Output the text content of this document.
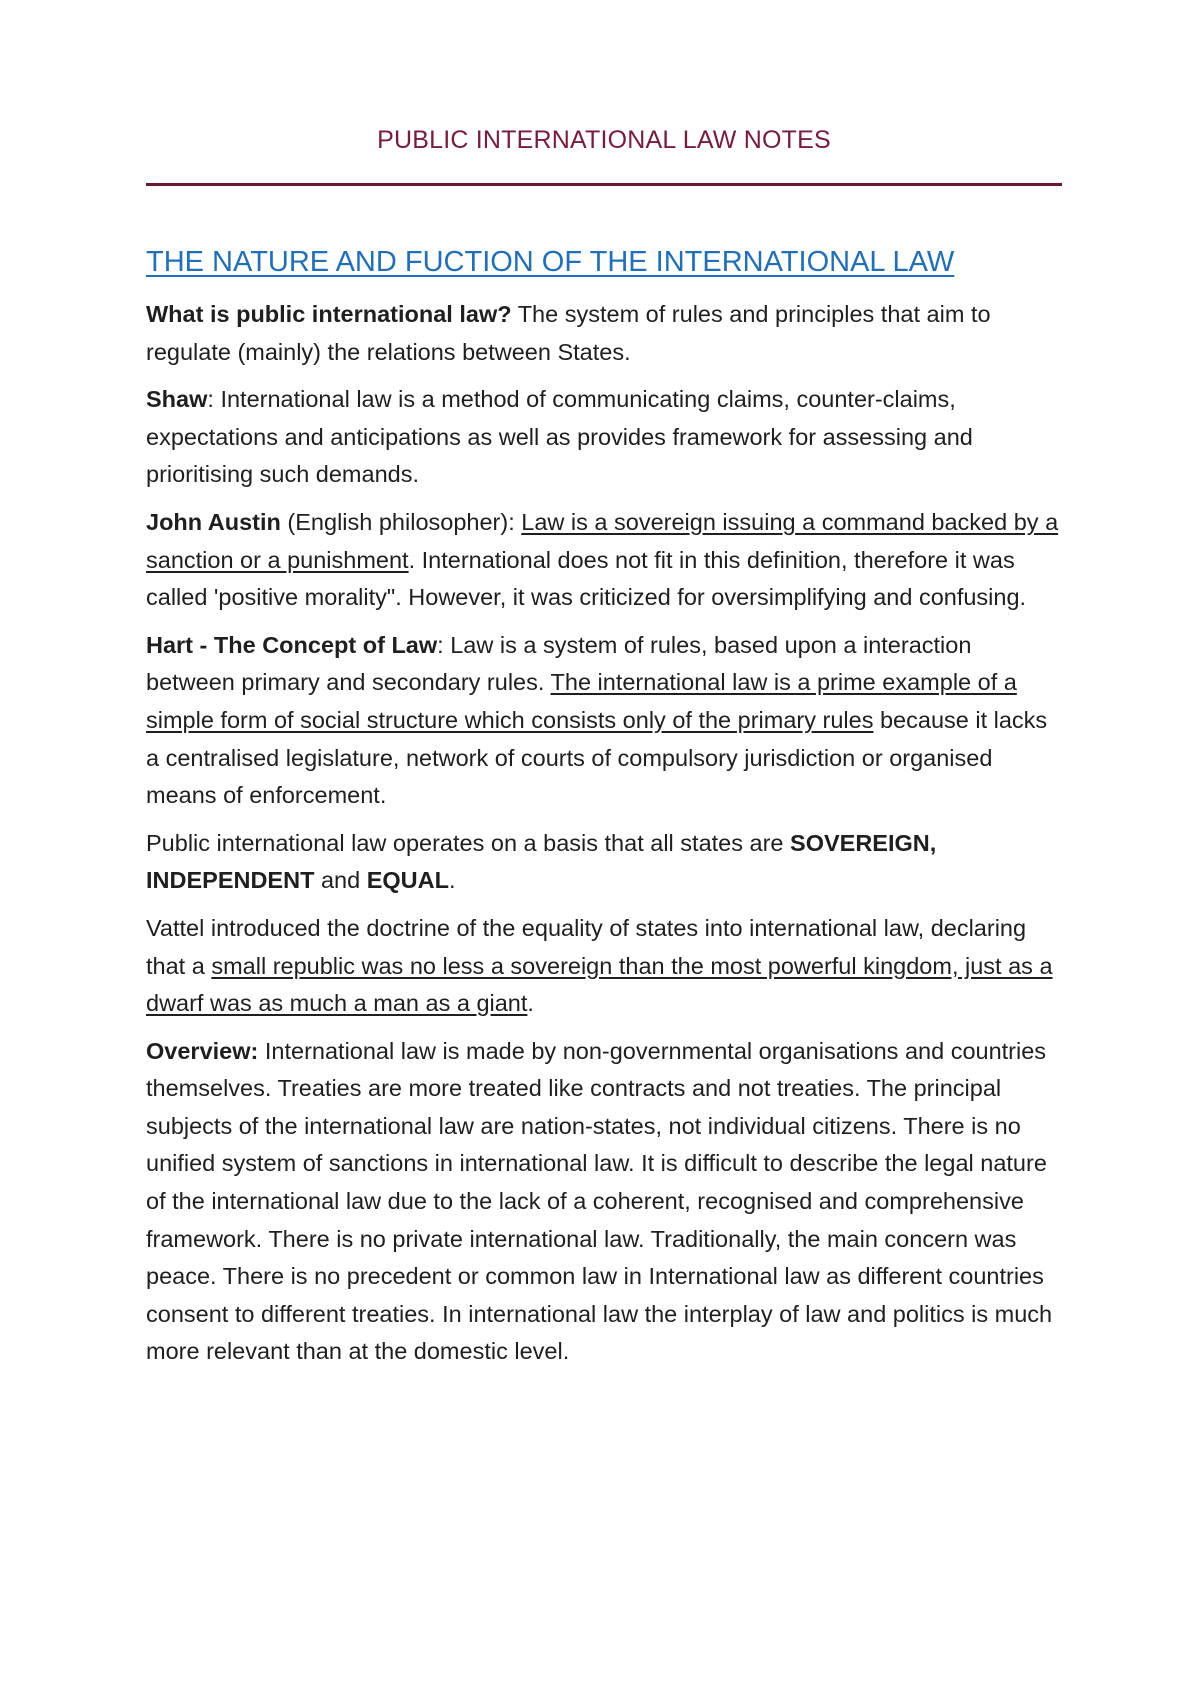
PUBLIC INTERNATIONAL LAW NOTES
THE NATURE AND FUCTION OF THE INTERNATIONAL LAW

What is public international law? The system of rules and principles that aim to regulate (mainly) the relations between States.

Shaw: International law is a method of communicating claims, counter-claims, expectations and anticipations as well as provides framework for assessing and prioritising such demands.

John Austin (English philosopher): Law is a sovereign issuing a command backed by a sanction or a punishment. International does not fit in this definition, therefore it was called 'positive morality". However, it was criticized for oversimplifying and confusing.

Hart - The Concept of Law: Law is a system of rules, based upon a interaction between primary and secondary rules. The international law is a prime example of a simple form of social structure which consists only of the primary rules because it lacks a centralised legislature, network of courts of compulsory jurisdiction or organised means of enforcement.

Public international law operates on a basis that all states are SOVEREIGN, INDEPENDENT and EQUAL.

Vattel introduced the doctrine of the equality of states into international law, declaring that a small republic was no less a sovereign than the most powerful kingdom, just as a dwarf was as much a man as a giant.

Overview: International law is made by non-governmental organisations and countries themselves. Treaties are more treated like contracts and not treaties. The principal subjects of the international law are nation-states, not individual citizens. There is no unified system of sanctions in international law. It is difficult to describe the legal nature of the international law due to the lack of a coherent, recognised and comprehensive framework. There is no private international law. Traditionally, the main concern was peace. There is no precedent or common law in International law as different countries consent to different treaties. In international law the interplay of law and politics is much more relevant than at the domestic level.
